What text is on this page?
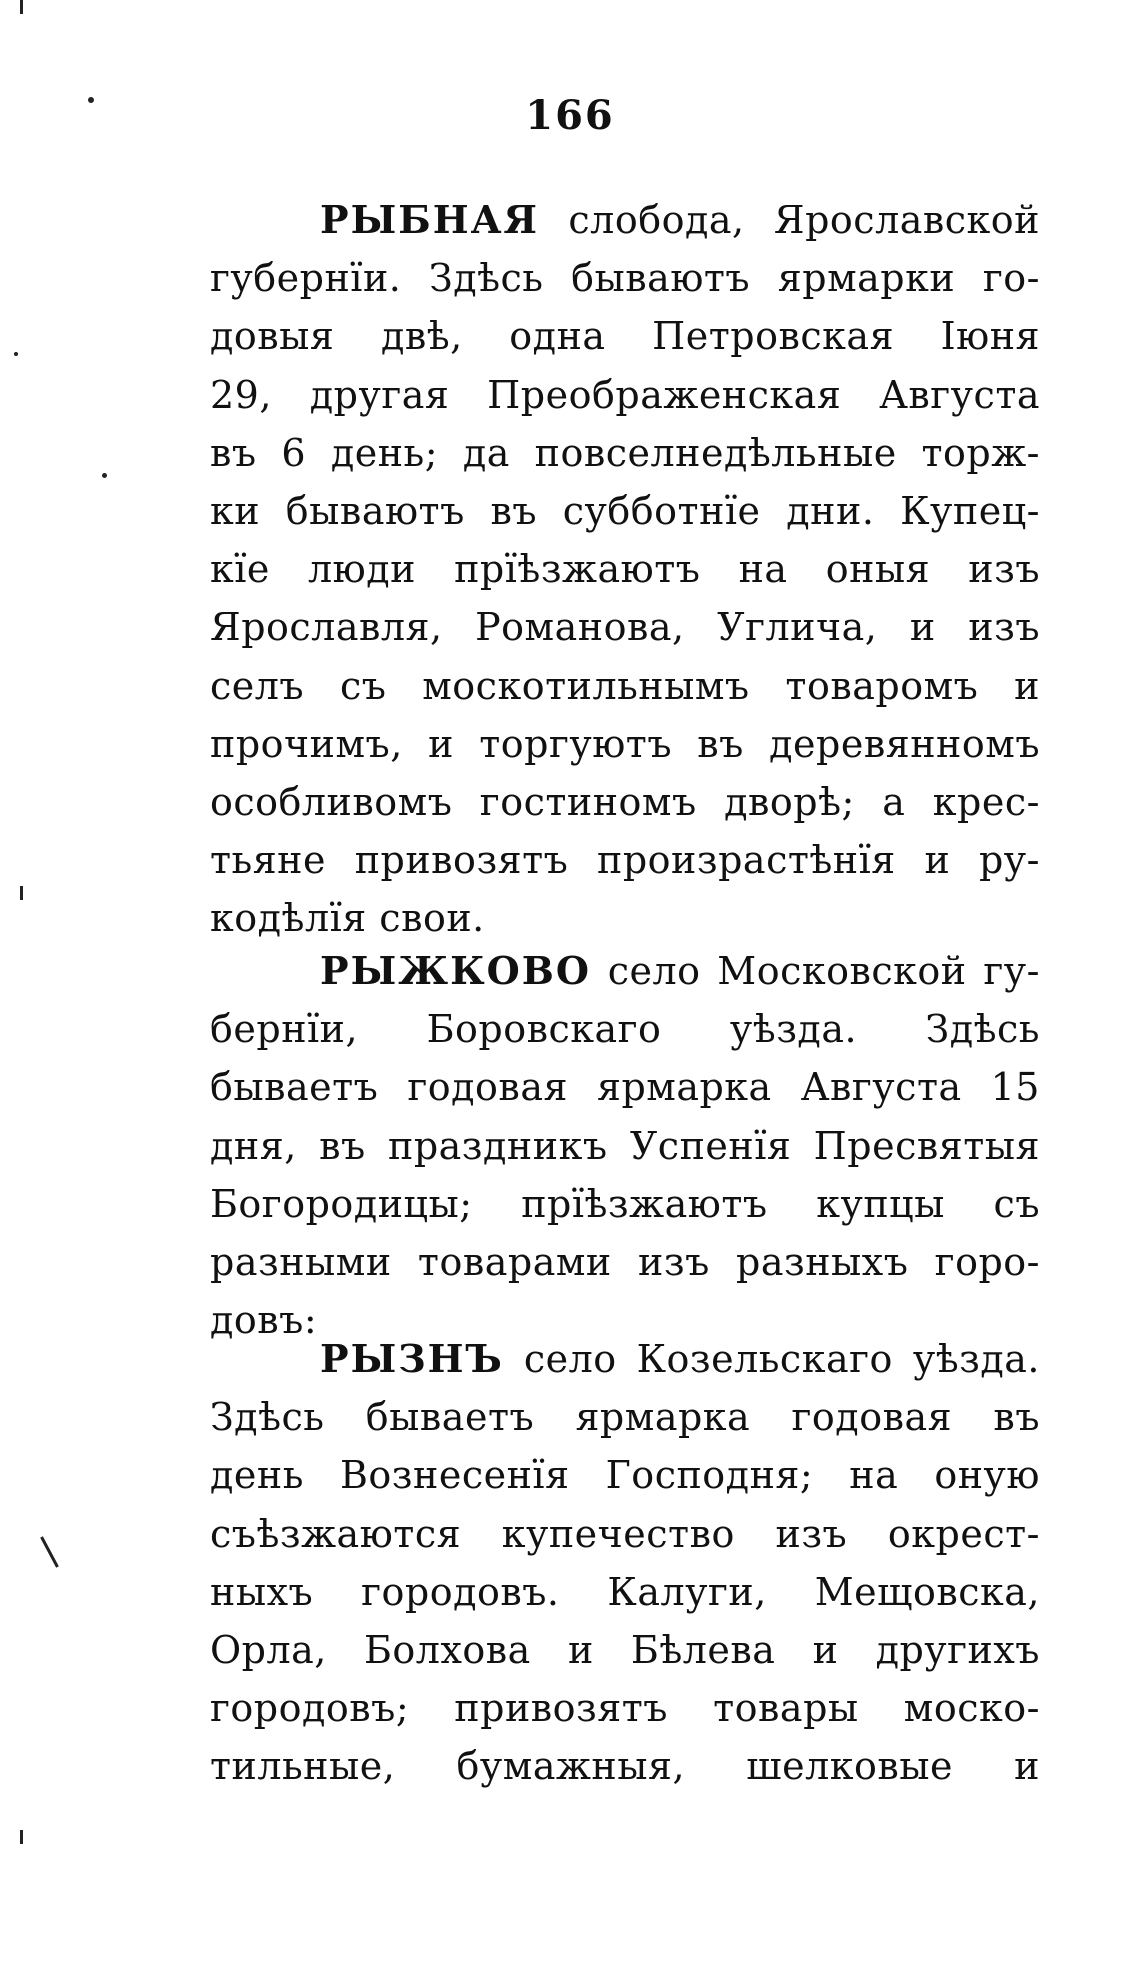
166
РЫБНАЯ слобода, Ярославской
губернїи. Здѣсь бываютъ ярмарки го-
довыя двѣ, одна Петровская Іюня
29, другая Преображенская Августа
въ 6 день; да повселнедѣльные торж-
ки бываютъ въ субботнїе дни. Купец-
кїе люди прїѣзжаютъ на оныя изъ
Ярославля, Романова, Углича, и изъ
селъ съ москотильнымъ товаромъ и
прочимъ, и торгуютъ въ деревянномъ
особливомъ гостиномъ дворѣ; а крес-
тьяне привозятъ произрастѣнїя и ру-
кодѣлїя свои.
РЫЖКОВО село Московской гу-
бернїи, Боровскаго уѣзда. Здѣсь
бываетъ годовая ярмарка Августа 15
дня, въ праздникъ Успенїя Пресвятыя
Богородицы; прїѣзжаютъ купцы съ
разными товарами изъ разныхъ горо-
довъ:
РЫЗНЪ село Козельскаго уѣзда.
Здѣсь бываетъ ярмарка годовая въ
день Вознесенїя Господня; на оную
съѣзжаются купечество изъ окрест-
ныхъ городовъ. Калуги, Мещовска,
Орла, Болхова и Бѣлева и другихъ
городовъ; привозятъ товары моско-
тильные, бумажныя, шелковые и
